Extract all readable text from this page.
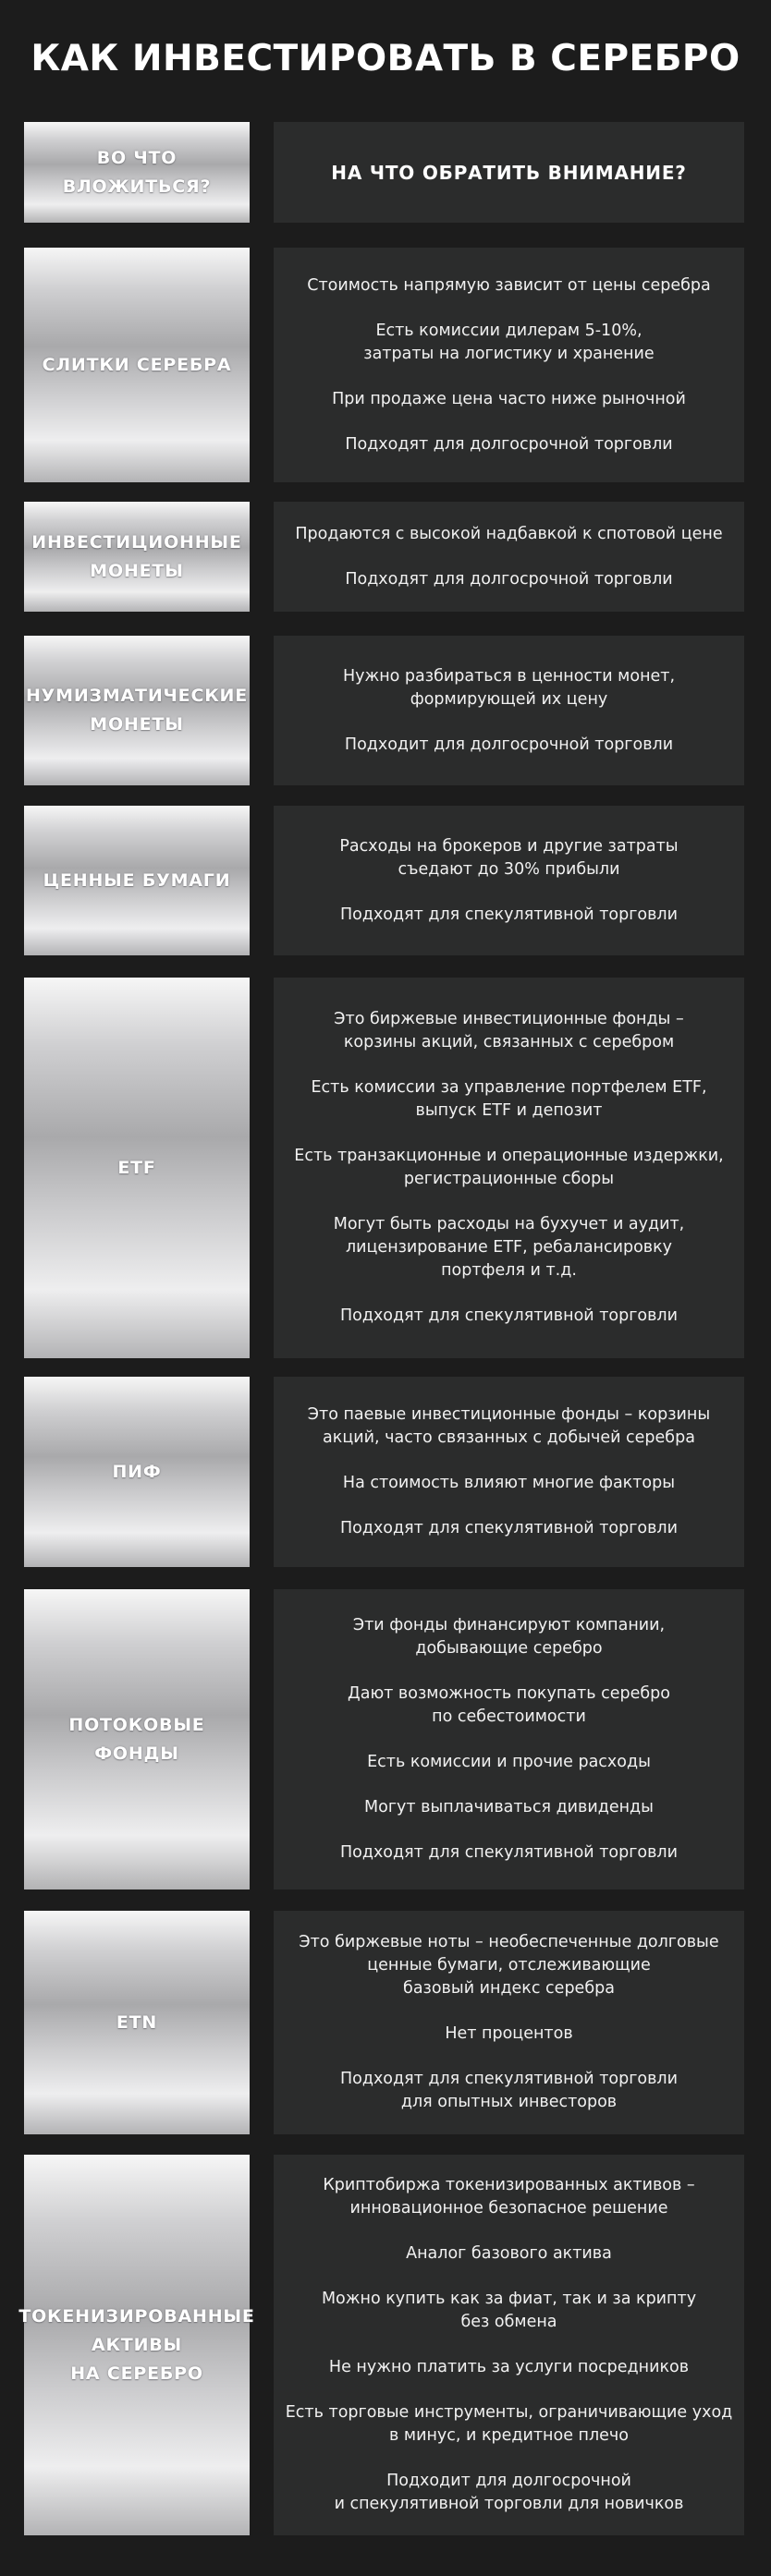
КАК ИНВЕСТИРОВАТЬ В СЕРЕБРО
ВО ЧТО
ВЛОЖИТЬСЯ?
НА ЧТО ОБРАТИТЬ ВНИМАНИЕ?
СЛИТКИ СЕРЕБРА
Стоимость напрямую зависит от цены серебра
Есть комиссии дилерам 5-10%,
затраты на логистику и хранение
При продаже цена часто ниже рыночной
Подходят для долгосрочной торговли
ИНВЕСТИЦИОННЫЕ
МОНЕТЫ
Продаются с высокой надбавкой к спотовой цене
Подходят для долгосрочной торговли
НУМИЗМАТИЧЕСКИЕ
МОНЕТЫ
Нужно разбираться в ценности монет,
формирующей их цену
Подходит для долгосрочной торговли
ЦЕННЫЕ БУМАГИ
Расходы на брокеров и другие затраты
съедают до 30% прибыли
Подходят для спекулятивной торговли
ETF
Это биржевые инвестиционные фонды –
корзины акций, связанных с серебром
Есть комиссии за управление портфелем ETF,
выпуск ETF и депозит
Есть транзакционные и операционные издержки,
регистрационные сборы
Могут быть расходы на бухучет и аудит,
лицензирование ETF, ребалансировку
портфеля и т.д.
Подходят для спекулятивной торговли
ПИФ
Это паевые инвестиционные фонды – корзины
акций, часто связанных с добычей серебра
На стоимость влияют многие факторы
Подходят для спекулятивной торговли
ПОТОКОВЫЕ
ФОНДЫ
Эти фонды финансируют компании,
добывающие серебро
Дают возможность покупать серебро
по себестоимости
Есть комиссии и прочие расходы
Могут выплачиваться дивиденды
Подходят для спекулятивной торговли
ETN
Это биржевые ноты – необеспеченные долговые
ценные бумаги, отслеживающие
базовый индекс серебра
Нет процентов
Подходят для спекулятивной торговли
для опытных инвесторов
ТОКЕНИЗИРОВАННЫЕ
АКТИВЫ
НА СЕРЕБРО
Криптобиржа токенизированных активов –
инновационное безопасное решение
Аналог базового актива
Можно купить как за фиат, так и за крипту
без обмена
Не нужно платить за услуги посредников
Есть торговые инструменты, ограничивающие уход
в минус, и кредитное плечо
Подходит для долгосрочной
и спекулятивной торговли для новичков
